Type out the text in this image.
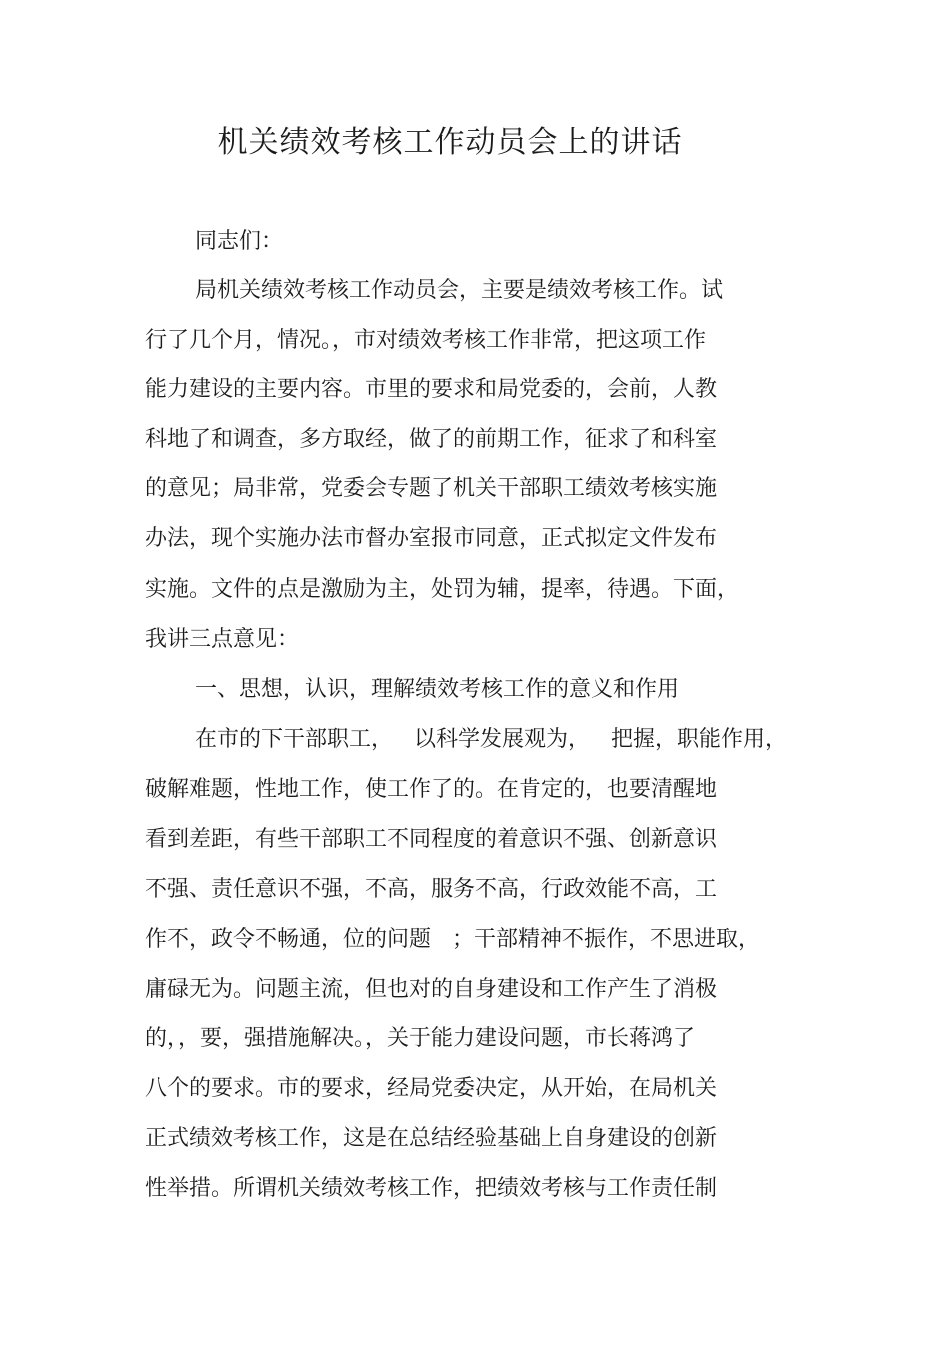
机关绩效考核工作动员会上的讲话
同志们：
局机关绩效考核工作动员会，主要是绩效考核工作。试
行了几个月，情况。，市对绩效考核工作非常，把这项工作
能力建设的主要内容。市里的要求和局党委的，会前，人教
科地了和调查，多方取经，做了的前期工作，征求了和科室
的意见；局非常，党委会专题了机关干部职工绩效考核实施
办法，现个实施办法市督办室报市同意，正式拟定文件发布
实施。文件的点是激励为主，处罚为辅，提率，待遇。下面，
我讲三点意见：
一、思想，认识，理解绩效考核工作的意义和作用
在市的下干部职工，   以科学发展观为，   把握，职能作用，
破解难题，性地工作，使工作了的。在肯定的，也要清醒地
看到差距，有些干部职工不同程度的着意识不强、创新意识
不强、责任意识不强，不高，服务不高，行政效能不高，工
作不，政令不畅通，位的问题   ；干部精神不振作，不思进取，
庸碌无为。问题主流，但也对的自身建设和工作产生了消极
的，，要，强措施解决。，关于能力建设问题，市长蒋鸿了
八个的要求。市的要求，经局党委决定，从开始，在局机关
正式绩效考核工作，这是在总结经验基础上自身建设的创新
性举措。所谓机关绩效考核工作，把绩效考核与工作责任制
